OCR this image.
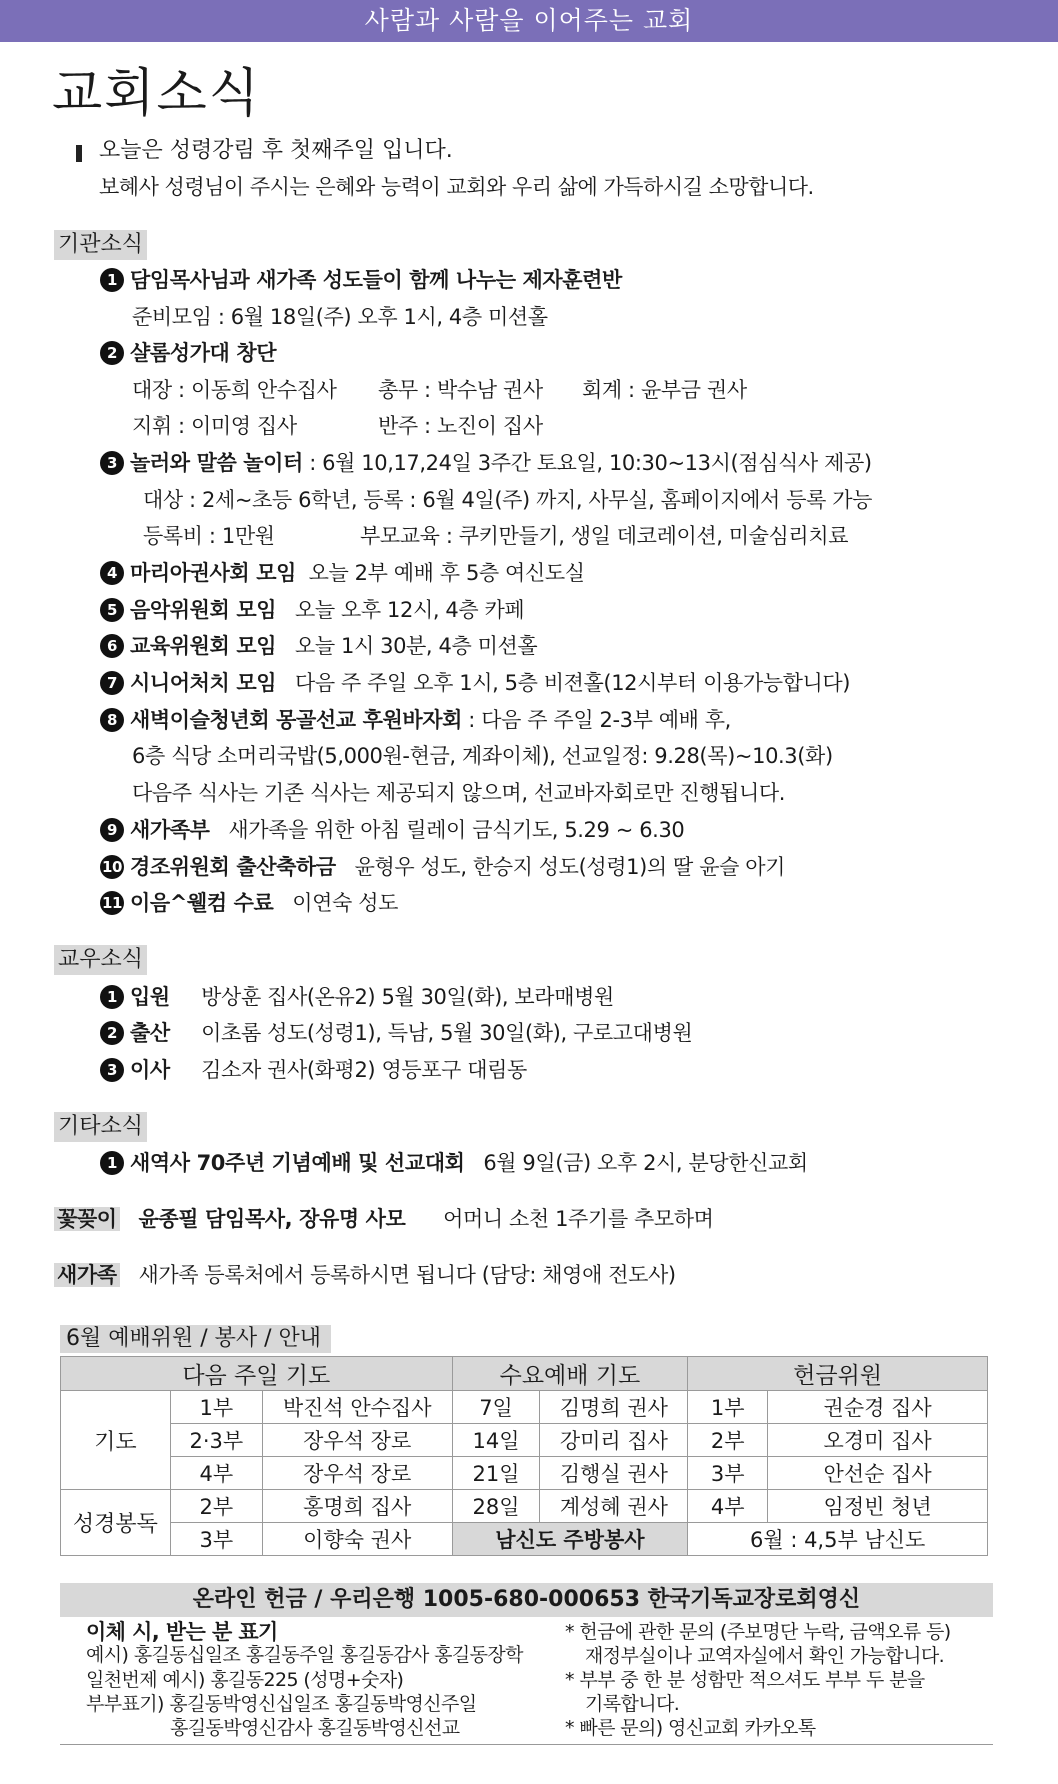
사람과 사람을 이어주는 교회
교회소식
오늘은 성령강림 후 첫째주일 입니다.
보혜사 성령님이 주시는 은혜와 능력이 교회와 우리 삶에 가득하시길 소망합니다.
기관소식
1 담임목사님과 새가족 성도들이 함께 나누는 제자훈련반
준비모임 : 6월 18일(주) 오후 1시, 4층 미션홀
2 샬롬성가대 창단
대장 : 이동희 안수집사 총무 : 박수남 권사 회계 : 윤부금 권사
지휘 : 이미영 집사	반주 : 노진이 집사
3 놀러와 말씀 놀이터 : 6월 10,17,24일 3주간 토요일, 10:30~13시(점심식사 제공)
대상 : 2세~초등 6학년, 등록 : 6월 4일(주) 까지, 사무실, 홈페이지에서 등록 가능
등록비 : 1만원	부모교육 : 쿠키만들기, 생일 데코레이션, 미술심리치료
4 마리아권사회 모임 오늘 2부 예배 후 5층 여신도실
5 음악위원회 모임 오늘 오후 12시, 4층 카페
6 교육위원회 모임 오늘 1시 30분, 4층 미션홀
7 시니어처치 모임 다음 주 주일 오후 1시, 5층 비젼홀(12시부터 이용가능합니다)
8 새벽이슬청년회 몽골선교 후원바자회 : 다음 주 주일 2-3부 예배 후,
6층 식당 소머리국밥(5,000원-현금, 계좌이체), 선교일정: 9.28(목)~10.3(화)
다음주 식사는 기존 식사는 제공되지 않으며, 선교바자회로만 진행됩니다.
9 새가족부 새가족을 위한 아침 릴레이 금식기도, 5.29 ~ 6.30
10 경조위원회 출산축하금 윤형우 성도, 한승지 성도(성령1)의 딸 윤슬 아기
11 이음^웰컴 수료 이연숙 성도
교우소식
1 입원 방상훈 집사(온유2) 5월 30일(화), 보라매병원
2 출산 이초롬 성도(성령1), 득남, 5월 30일(화), 구로고대병원
3 이사 김소자 권사(화평2) 영등포구 대림동
기타소식
1 새역사 70주년 기념예배 및 선교대회 6월 9일(금) 오후 2시, 분당한신교회
꽃꽂이 윤종필 담임목사, 장유명 사모 어머니 소천 1주기를 추모하며
새가족 새가족 등록처에서 등록하시면 됩니다 (담당: 채영애 전도사)
6월 예배위원 / 봉사 / 안내
다음 주일 기도			수요예배 기도		헌금위원	
기도	1부	박진석 안수집사	7일	김명희 권사	1부	권순경 집사
	2·3부	장우석 장로	14일	강미리 집사	2부	오경미 집사
	4부	장우석 장로	21일	김행실 권사	3부	안선순 집사
성경봉독	2부	홍명희 집사	28일	계성혜 권사	4부	임정빈 청년
	3부	이향숙 권사	남신도 주방봉사		6월 : 4,5부 남신도	
온라인 헌금 / 우리은행 1005-680-000653 한국기독교장로회영신
이체 시, 받는 분 표기
예시) 홍길동십일조 홍길동주일 홍길동감사 홍길동장학
일천번제 예시) 홍길동225 (성명+숫자)
부부표기) 홍길동박영신십일조 홍길동박영신주일
홍길동박영신감사 홍길동박영신선교
* 헌금에 관한 문의 (주보명단 누락, 금액오류 등)
재정부실이나 교역자실에서 확인 가능합니다.
* 부부 중 한 분 성함만 적으셔도 부부 두 분을
기록합니다.
* 빠른 문의) 영신교회 카카오톡
